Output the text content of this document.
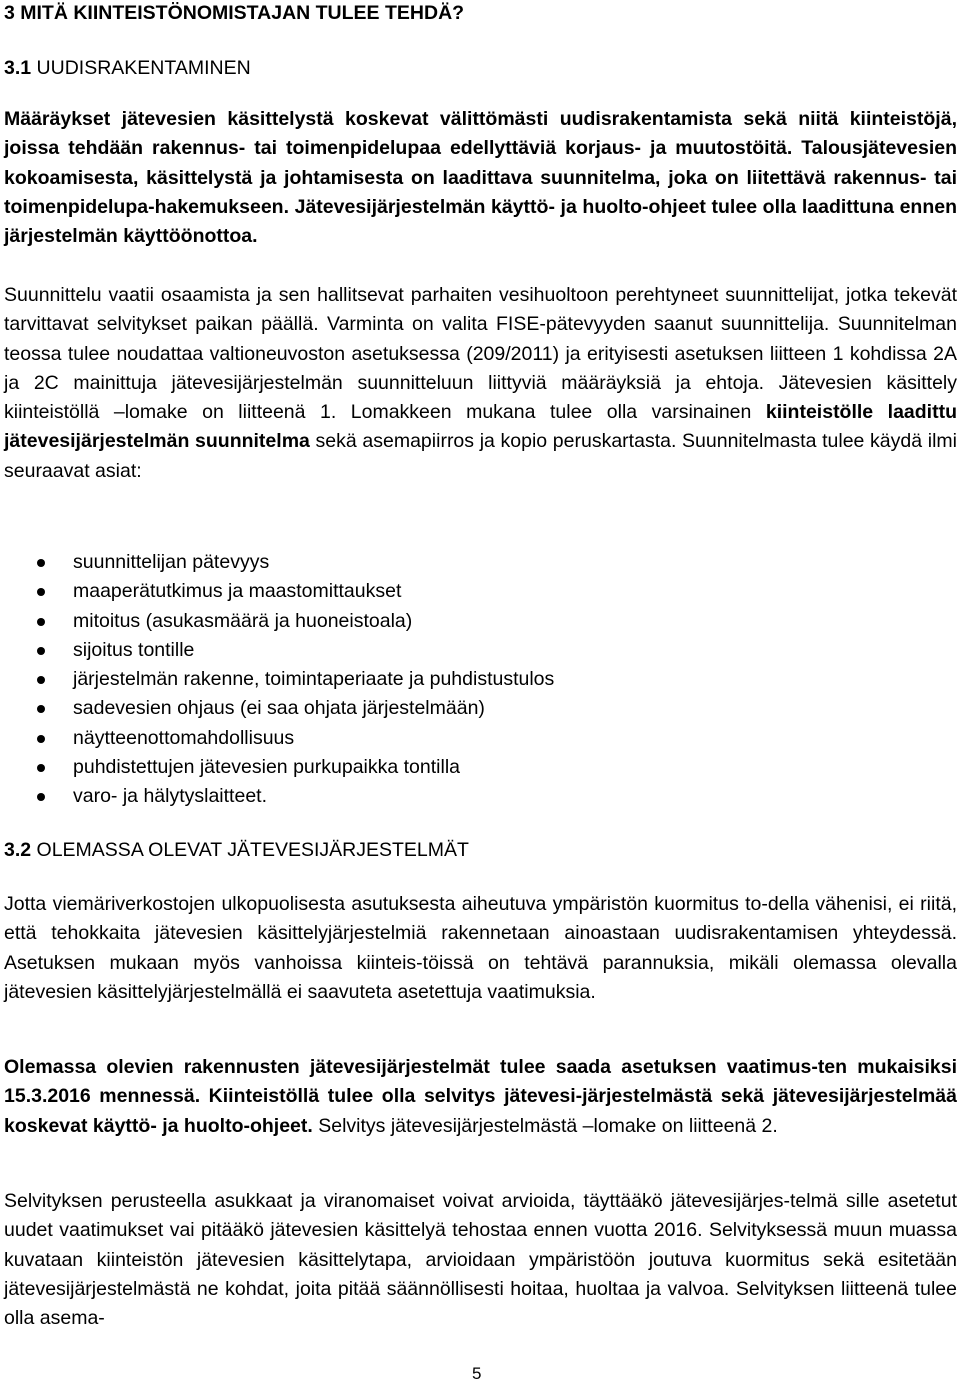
3 MITÄ KIINTEISTÖNOMISTAJAN TULEE TEHDÄ?
3.1 UUDISRAKENTAMINEN
Määräykset jätevesien käsittelystä koskevat välittömästi uudisrakentamista sekä niitä kiinteistöjä, joissa tehdään rakennus- tai toimenpidelupaa edellyttäviä korjaus- ja muutostöitä. Talousjätevesien kokoamisesta, käsittelystä ja johtamisesta on laadittava suunnitelma, joka on liitettävä rakennus- tai toimenpidelupa-hakemukseen. Jätevesijärjestelmän käyttö- ja huolto-ohjeet tulee olla laadittuna ennen järjestelmän käyttöönottoa.
Suunnittelu vaatii osaamista ja sen hallitsevat parhaiten vesihuoltoon perehtyneet suunnittelijat, jotka tekevät tarvittavat selvitykset paikan päällä. Varminta on valita FISE-pätevyyden saanut suunnittelija. Suunnitelman teossa tulee noudattaa valtioneuvoston asetuksessa (209/2011) ja erityisesti asetuksen liitteen 1 kohdissa 2A ja 2C mainittuja jätevesijärjestelmän suunnitteluun liittyviä määräyksiä ja ehtoja. Jätevesien käsittely kiinteistöllä –lomake on liitteenä 1. Lomakkeen mukana tulee olla varsinainen kiinteistölle laadittu jätevesijärjestelmän suunnitelma sekä asemapiirros ja kopio peruskartasta. Suunnitelmasta tulee käydä ilmi seuraavat asiat:
suunnittelijan pätevyys
maaperätutkimus ja maastomittaukset
mitoitus (asukasmäärä ja huoneistoala)
sijoitus tontille
järjestelmän rakenne, toimintaperiaate ja puhdistustulos
sadevesien ohjaus (ei saa ohjata järjestelmään)
näytteenottomahdollisuus
puhdistettujen jätevesien purkupaikka tontilla
varo- ja hälytyslaitteet.
3.2 OLEMASSA OLEVAT JÄTEVESIJÄRJESTELMÄT
Jotta viemäriverkostojen ulkopuolisesta asutuksesta aiheutuva ympäristön kuormitus to-della vähenisi, ei riitä, että tehokkaita jätevesien käsittelyjärjestelmiä rakennetaan ainoastaan uudisrakentamisen yhteydessä. Asetuksen mukaan myös vanhoissa kiinteis-töissä on tehtävä parannuksia, mikäli olemassa olevalla jätevesien käsittelyjärjestelmällä ei saavuteta asetettuja vaatimuksia.
Olemassa olevien rakennusten jätevesijärjestelmät tulee saada asetuksen vaatimus-ten mukaisiksi 15.3.2016 mennessä. Kiinteistöllä tulee olla selvitys jätevesi-järjestelmästä sekä jätevesijärjestelmää koskevat käyttö- ja huolto-ohjeet. Selvitys jätevesijärjestelmästä –lomake on liitteenä 2.
Selvityksen perusteella asukkaat ja viranomaiset voivat arvioida, täyttääkö jätevesijärjes-telmä sille asetetut uudet vaatimukset vai pitääkö jätevesien käsittelyä tehostaa ennen vuotta 2016. Selvityksessä muun muassa kuvataan kiinteistön jätevesien käsittelytapa, arvioidaan ympäristöön joutuva kuormitus sekä esitetään jätevesijärjestelmästä ne kohdat, joita pitää säännöllisesti hoitaa, huoltaa ja valvoa. Selvityksen liitteenä tulee olla asema-
5
